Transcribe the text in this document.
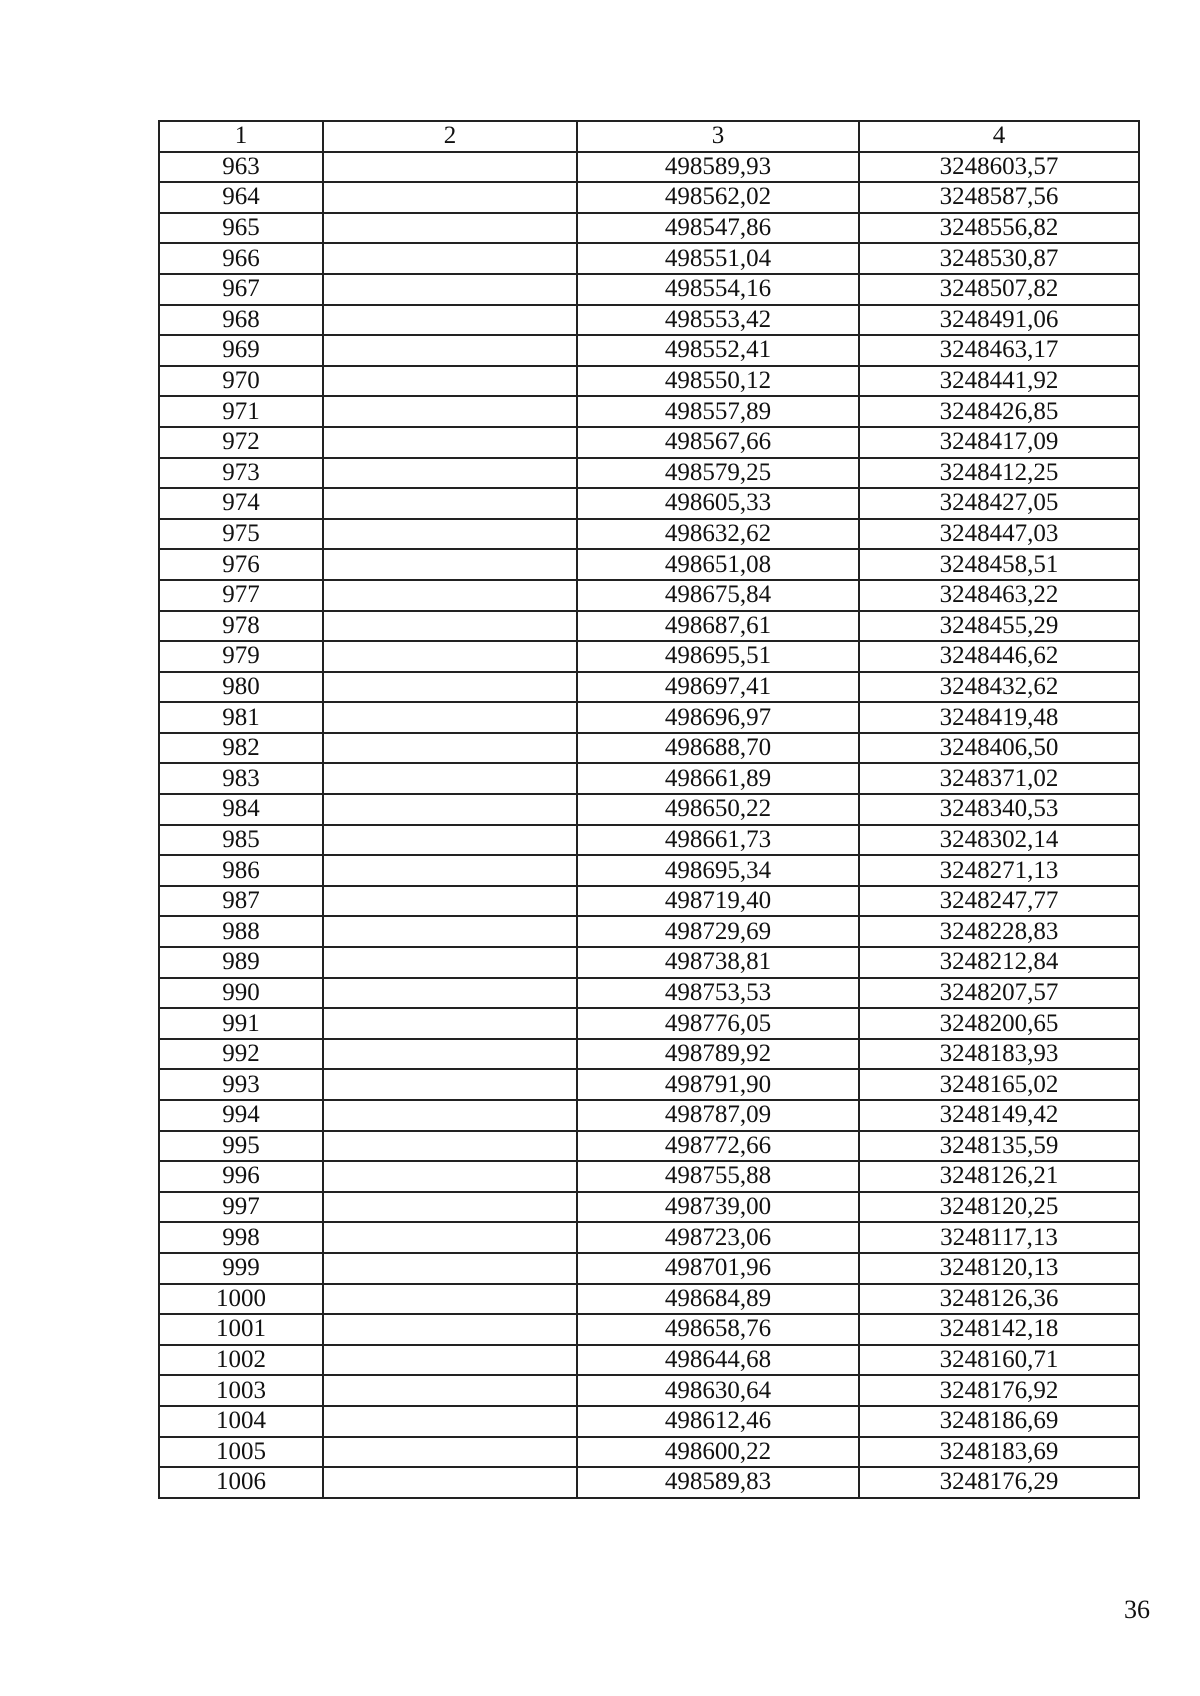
1	2	3	4
963		498589,93	3248603,57
964		498562,02	3248587,56
965		498547,86	3248556,82
966		498551,04	3248530,87
967		498554,16	3248507,82
968		498553,42	3248491,06
969		498552,41	3248463,17
970		498550,12	3248441,92
971		498557,89	3248426,85
972		498567,66	3248417,09
973		498579,25	3248412,25
974		498605,33	3248427,05
975		498632,62	3248447,03
976		498651,08	3248458,51
977		498675,84	3248463,22
978		498687,61	3248455,29
979		498695,51	3248446,62
980		498697,41	3248432,62
981		498696,97	3248419,48
982		498688,70	3248406,50
983		498661,89	3248371,02
984		498650,22	3248340,53
985		498661,73	3248302,14
986		498695,34	3248271,13
987		498719,40	3248247,77
988		498729,69	3248228,83
989		498738,81	3248212,84
990		498753,53	3248207,57
991		498776,05	3248200,65
992		498789,92	3248183,93
993		498791,90	3248165,02
994		498787,09	3248149,42
995		498772,66	3248135,59
996		498755,88	3248126,21
997		498739,00	3248120,25
998		498723,06	3248117,13
999		498701,96	3248120,13
1000		498684,89	3248126,36
1001		498658,76	3248142,18
1002		498644,68	3248160,71
1003		498630,64	3248176,92
1004		498612,46	3248186,69
1005		498600,22	3248183,69
1006		498589,83	3248176,29
36
